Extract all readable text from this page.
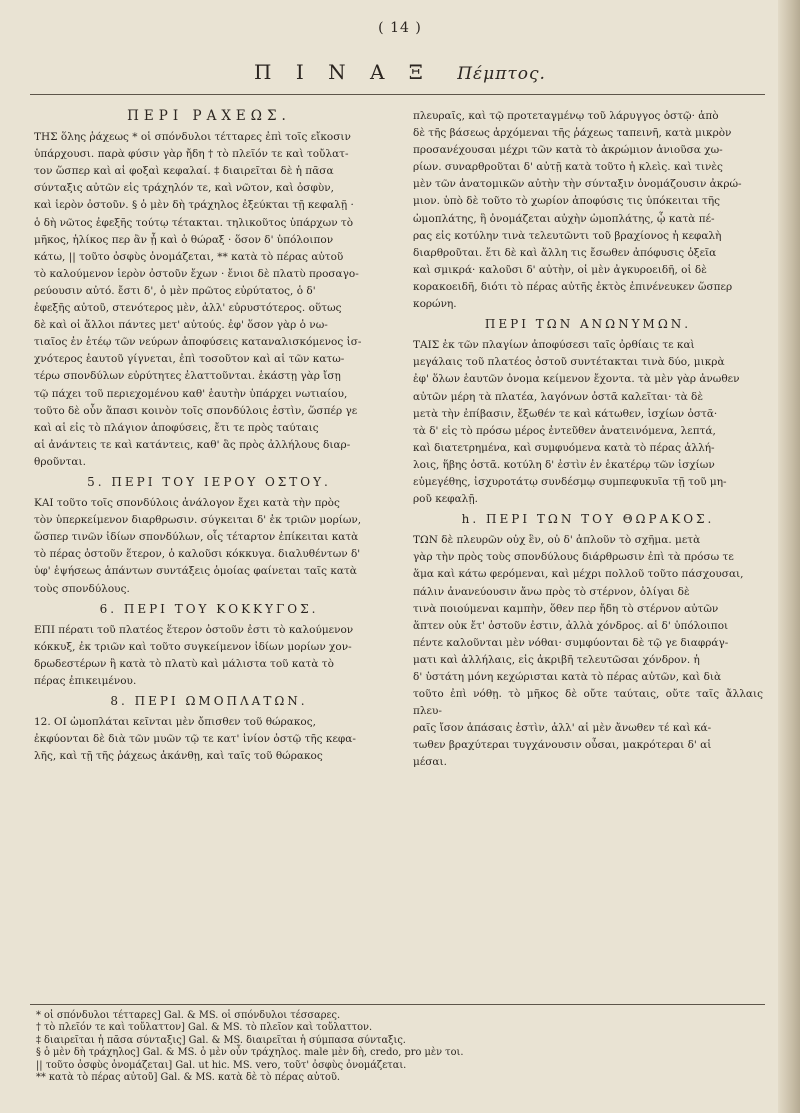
( 14 )
Π Ι Ν Α Ξ Πέμπτος.
ΠΕΡΙ ΡΑΧΕΩΣ.

ΤΗΣ ὅλης ῥάχεως * οἱ σπόνδυλοι τέτταρες ἐπὶ τοῖς εἴκοσιν

ὑπάρχουσι. παρὰ φύσιν γὰρ ἤδη † τὸ πλεῖόν τε καὶ τοὔλατ-

τον ὥσπερ καὶ αἱ φοξαὶ κεφαλαί. ‡ διαιρεῖται δὲ ἡ πᾶσα

σύνταξις αὐτῶν εἰς τράχηλόν τε, καὶ νῶτον, καὶ ὀσφὺν,

καὶ ἱερὸν ὀστοῦν. § ὁ μὲν δὴ τράχηλος ἐξεύκται τῇ κεφαλῇ ·

ὁ δὴ νῶτος ἐφεξῆς τούτῳ τέτακται. τηλικοῦτος ὑπάρχων τὸ

μῆκος, ἡλίκος περ ἂν ᾖ καὶ ὁ θώραξ · ὅσον δ' ὑπόλοιπον

κάτω, || τοῦτο ὀσφὺς ὀνομάζεται, ** κατὰ τὸ πέρας αὐτοῦ

τὸ καλούμενον ἱερὸν ὀστοῦν ἔχων · ἔνιοι δὲ πλατὺ προσαγο-

ρεύουσιν αὐτό. ἔστι δ', ὁ μὲν πρῶτος εὐρύτατος, ὁ δ'

ἐφεξῆς αὐτοῦ, στενότερος μὲν, ἀλλ' εὐρυστότερος. οὕτως

δὲ καὶ οἱ ἄλλοι πάντες μετ' αὐτούς. ἐφ' ὅσον γὰρ ὁ νω-

τιαῖος ἐν ἑτέῳ τῶν νεύρων ἀποφύσεις καταναλισκόμενος ἰσ-

χνότερος ἑαυτοῦ γίγνεται, ἐπὶ τοσοῦτον καὶ αἱ τῶν κατω-

τέρω σπονδύλων εὐρύτητες ἐλαττοῦνται. ἑκάστῃ γὰρ ἴσῃ

τῷ πάχει τοῦ περιεχομένου καθ' ἑαυτὴν ὑπάρχει νωτιαίου,

τοῦτο δὲ οὖν ἅπασι κοινὸν τοῖς σπονδύλοις ἐστὶν, ὥσπέρ γε

καὶ αἱ εἰς τὸ πλάγιον ἀποφύσεις, ἔτι τε πρὸς ταύταις

αἱ ἀνάντεις τε καὶ κατάντεις, καθ' ἃς πρὸς ἀλλήλους διαρ-

θροῦνται.

5. ΠΕΡΙ ΤΟΥ ΙΕΡΟΥ ΟΣΤΟΥ.

ΚΑΙ τοῦτο τοῖς σπονδύλοις ἀνάλογον ἔχει κατὰ τὴν πρὸς

τὸν ὑπερκείμενον διαρθρωσιν. σύγκειται δ' ἐκ τριῶν μορίων,

ὥσπερ τινῶν ἰδίων σπονδύλων, οἷς τέταρτον ἐπίκειται κατὰ

τὸ πέρας ὀστοῦν ἕτερον, ὁ καλοῦσι κόκκυγα. διαλυθέντων δ'

ὑφ' ἑψήσεως ἁπάντων συντάξεις ὁμοίας φαίνεται ταῖς κατὰ

τοὺς σπονδύλους.

6. ΠΕΡΙ ΤΟΥ ΚΟΚΚΥΓΟΣ.

ΕΠΙ πέρατι τοῦ πλατέος ἕτερον ὀστοῦν ἐστι τὸ καλούμενον

κόκκυξ, ἐκ τριῶν καὶ τοῦτο συγκείμενον ἰδίων μορίων χον-

δρωδεστέρων ἢ κατὰ τὸ πλατὺ καὶ μάλιστα τοῦ κατὰ τὸ

πέρας ἐπικειμένου.

8. ΠΕΡΙ ΩΜΟΠΛΑΤΩΝ.

12. ΟΙ ὠμοπλάται κεῖνται μὲν ὄπισθεν τοῦ θώρακος,

ἐκφύονται δὲ διὰ τῶν μυῶν τῷ τε κατ' ἰνίον ὀστῷ τῆς κεφα-

λῆς, καὶ τῇ τῆς ῥάχεως ἀκάνθῃ, καὶ ταῖς τοῦ θώρακος

πλευραῖς, καὶ τῷ προτεταγμένῳ τοῦ λάρυγγος ὀστῷ· ἀπὸ

δὲ τῆς βάσεως ἀρχόμεναι τῆς ῥάχεως ταπεινῆ, κατὰ μικρὸν

προσανέχουσαι μέχρι τῶν κατὰ τὸ ἀκρώμιον ἀνιοῦσα χω-

ρίων. συναρθροῦται δ' αὐτῇ κατὰ τοῦτο ἡ κλεὶς. καὶ τινὲς

μὲν τῶν ἀνατομικῶν αὐτὴν τὴν σύνταξιν ὀνομάζουσιν ἀκρώ-

μιον. ὑπὸ δὲ τοῦτο τὸ χωρίον ἀποφύσις τις ὑπόκειται τῆς

ὠμοπλάτης, ἣ ὀνομάζεται αὐχὴν ὠμοπλάτης, ᾧ κατὰ πέ-

ρας εἰς κοτύλην τινὰ τελευτῶντι τοῦ βραχίονος ἡ κεφαλὴ

διαρθροῦται. ἔτι δὲ καὶ ἄλλη τις ἔσωθεν ἀπόφυσις ὀξεῖα

καὶ σμικρά· καλοῦσι δ' αὐτὴν, οἱ μὲν ἀγκυροειδῆ, οἱ δὲ

κορακοειδῆ, διότι τὸ πέρας αὐτῆς ἐκτὸς ἐπινένευκεν ὥσπερ

κορώνη.

ΠΕΡΙ ΤΩΝ ΑΝΩΝΥΜΩΝ.

ΤΑΙΣ ἐκ τῶν πλαγίων ἀποφύσεσι ταῖς ὀρθίαις τε καὶ

μεγάλαις τοῦ πλατέος ὀστοῦ συντέτακται τινὰ δύο, μικρὰ

ἐφ' ὅλων ἑαυτῶν ὀνομα κείμενον ἔχοντα. τὰ μὲν γὰρ ἀνωθεν

αὐτῶν μέρη τὰ πλατέα, λαγόνων ὀστᾶ καλεῖται· τὰ δὲ

μετὰ τὴν ἐπίβασιν, ἔξωθέν τε καὶ κάτωθεν, ἰσχίων ὀστᾶ·

τὰ δ' εἰς τὸ πρόσω μέρος ἐντεῦθεν ἀνατεινόμενα, λεπτά,

καὶ διατετρημένα, καὶ συμφυόμενα κατὰ τὸ πέρας ἀλλή-

λοις, ἥβης ὀστᾶ. κοτύλη δ' ἐστὶν ἐν ἑκατέρῳ τῶν ἰσχίων

εὐμεγέθης, ἰσχυροτάτῳ συνδέσμῳ συμπεφυκυῖα τῇ τοῦ μη-

ροῦ κεφαλῇ.

h. ΠΕΡΙ ΤΩΝ ΤΟΥ ΘΩΡΑΚΟΣ.

ΤΩΝ δὲ πλευρῶν οὐχ ἓν, οὐ δ' ἁπλοῦν τὸ σχῆμα. μετὰ

γὰρ τὴν πρὸς τοὺς σπονδύλους διάρθρωσιν ἐπὶ τὰ πρόσω τε

ἅμα καὶ κάτω φερόμεναι, καὶ μέχρι πολλοῦ τοῦτο πάσχουσαι,

πάλιν ἀνανεύουσιν ἄνω πρὸς τὸ στέρνον, ὀλίγαι δὲ

τινὰ ποιούμεναι καμπὴν, ὅθεν περ ἤδη τὸ στέρνον αὐτῶν

ἅπτεν οὐκ ἔτ' ὀστοῦν ἐστιν, ἀλλὰ χόνδρος. αἱ δ' ὑπόλοιποι

πέντε καλοῦνται μὲν νόθαι· συμφύονται δὲ τῷ γε διαφράγ-

ματι καὶ ἀλλήλαις, εἰς ἀκριβῆ τελευτῶσαι χόνδρον. ἡ

δ' ὑστάτη μόνη κεχώρισται κατὰ τὸ πέρας αὐτῶν, καὶ διὰ

τοῦτο ἐπὶ νόθῃ. τὸ μῆκος δὲ οὔτε ταύταις, οὔτε ταῖς ἄλλαις πλευ-

ραῖς ἴσον ἁπάσαις ἐστὶν, ἀλλ' αἱ μὲν ἄνωθεν τέ καὶ κά-

τωθεν βραχύτεραι τυγχάνουσιν οὖσαι, μακρότεραι δ' αἱ

μέσαι.

* οἱ σπόνδυλοι τέτταρες] Gal. & MS. οἱ σπόνδυλοι τέσσαρες.
† τὸ πλεῖόν τε καὶ τοὔλαττον] Gal. & MS. τὸ πλεῖον καὶ τοὔλαττον.
‡ διαιρεῖται ἡ πᾶσα σύνταξις] Gal. & MS. διαιρεῖται ἡ σύμπασα σύνταξις.
§ ὁ μὲν δὴ τράχηλος] Gal. & MS. ὁ μὲν οὖν τράχηλος. male μὲν δὴ, credo, pro μὲν τοι.
|| τοῦτο ὀσφὺς ὀνομάζεται] Gal. ut hic. MS. vero, τοῦτ' ὀσφὺς ὀνομάζεται.
** κατὰ τὸ πέρας αὐτοῦ] Gal. & MS. κατὰ δὲ τὸ πέρας αὐτοῦ.
